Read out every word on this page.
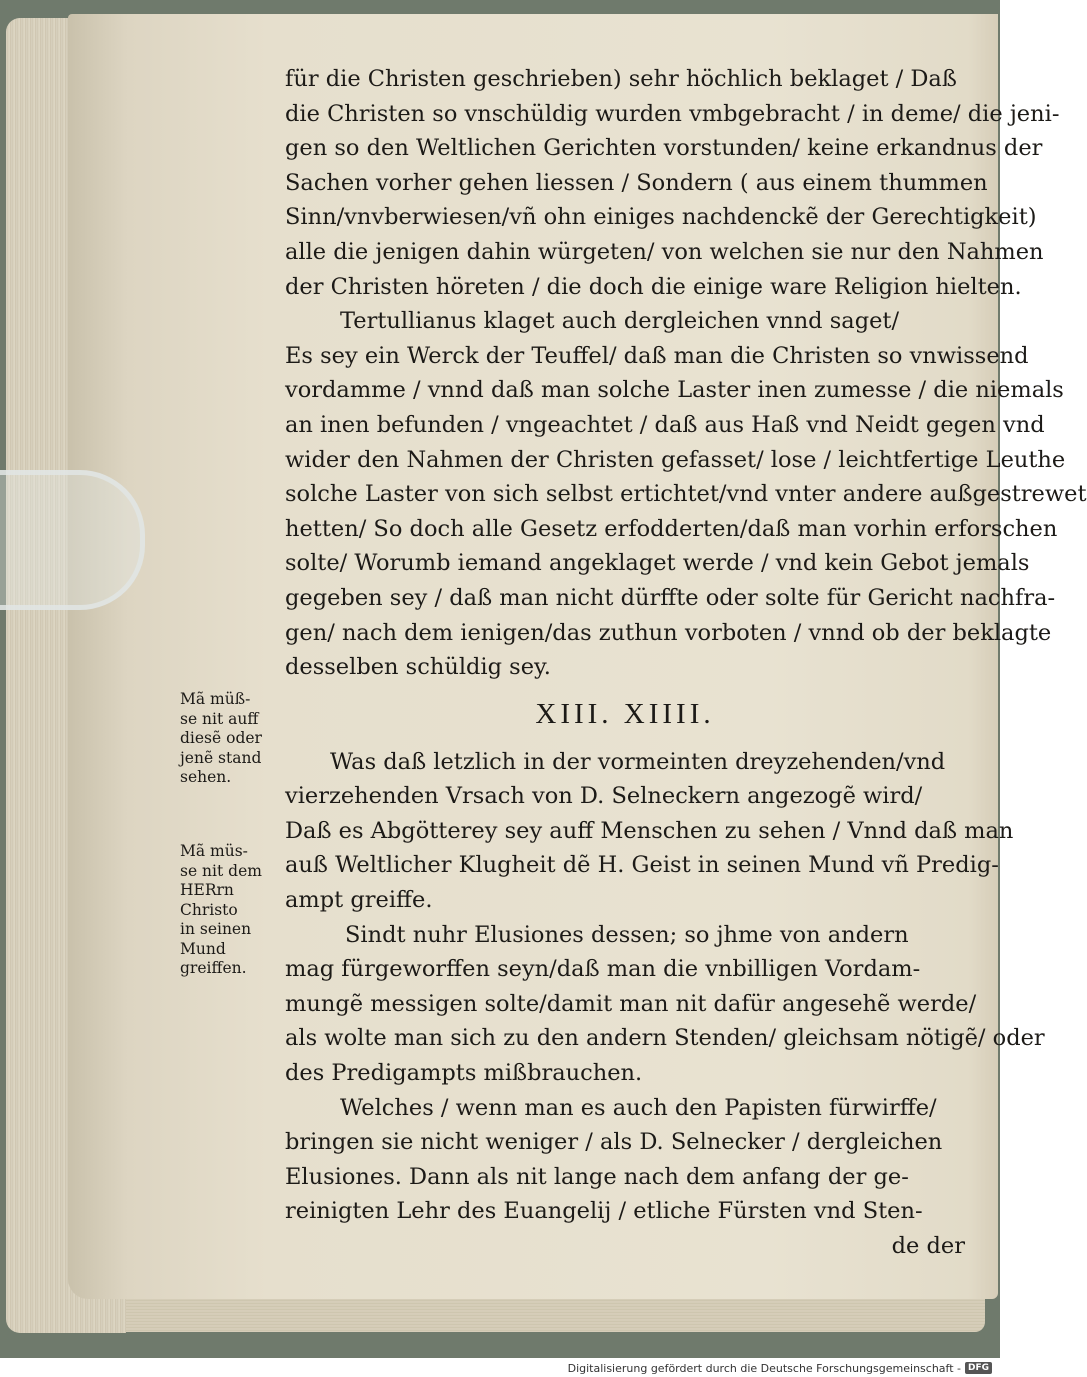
für die Christen geschrieben) sehr höchlich beklaget / Daß
die Christen so vnschüldig wurden vmbgebracht / in deme/ die jeni-
gen so den Weltlichen Gerichten vorstunden/ keine erkandnus der
Sachen vorher gehen liessen / Sondern ( aus einem thummen
Sinn/vnvberwiesen/vñ ohn einiges nachdenckẽ der Gerechtigkeit)
alle die jenigen dahin würgeten/ von welchen sie nur den Nahmen
der Christen höreten / die doch die einige ware Religion hielten.
Tertullianus klaget auch dergleichen vnnd saget/
Es sey ein Werck der Teuffel/ daß man die Christen so vnwissend
vordamme / vnnd daß man solche Laster inen zumesse / die niemals
an inen befunden / vngeachtet / daß aus Haß vnd Neidt gegen vnd
wider den Nahmen der Christen gefasset/ lose / leichtfertige Leuthe
solche Laster von sich selbst ertichtet/vnd vnter andere außgestrewet
hetten/ So doch alle Gesetz erfodderten/daß man vorhin erforschen
solte/ Worumb iemand angeklaget werde / vnd kein Gebot jemals
gegeben sey / daß man nicht dürffte oder solte für Gericht nachfra-
gen/ nach dem ienigen/das zuthun vorboten / vnnd ob der beklagte
desselben schüldig sey.
XIII. XIIII.
Was daß letzlich in der vormeinten dreyzehenden/vnd
vierzehenden Vrsach von D. Selneckern angezogẽ wird/
Daß es Abgötterey sey auff Menschen zu sehen / Vnnd daß man
auß Weltlicher Klugheit dẽ H. Geist in seinen Mund vñ Predig-
ampt greiffe.
Sindt nuhr Elusiones dessen; so jhme von andern
mag fürgeworffen seyn/daß man die vnbilligen Vordam-
mungẽ messigen solte/damit man nit dafür angesehẽ werde/
als wolte man sich zu den andern Stenden/ gleichsam nötigẽ/ oder
des Predigampts mißbrauchen.
Welches / wenn man es auch den Papisten fürwirffe/
bringen sie nicht weniger / als D. Selnecker / dergleichen
Elusiones. Dann als nit lange nach dem anfang der ge-
reinigten Lehr des Euangelij / etliche Fürsten vnd Sten-
de der
Mã müß-
se nit auff
diesẽ oder
jenẽ stand
sehen.
Mã müs-
se nit dem
HERrn
Christo
in seinen
Mund
greiffen.
Digitalisierung gefördert durch die Deutsche Forschungsgemeinschaft - DFG
